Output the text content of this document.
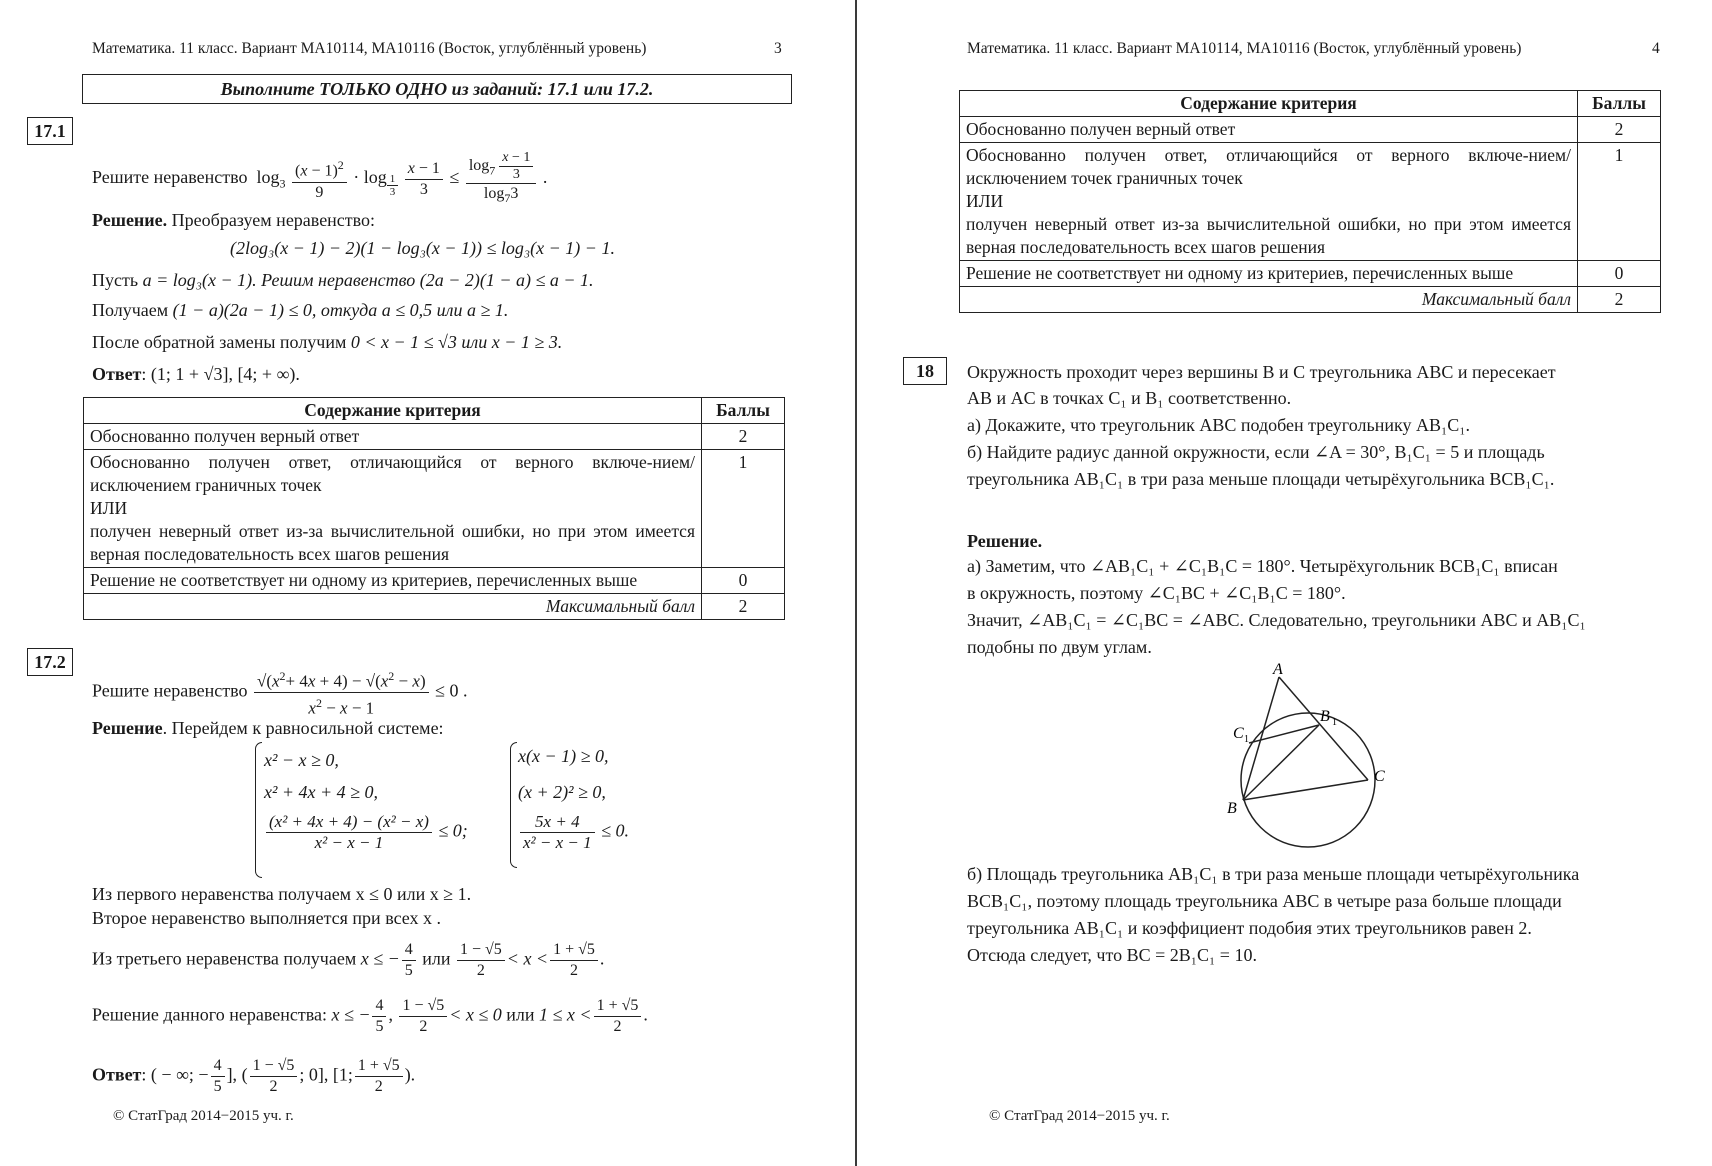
Математика. 11 класс. Вариант МА10114, МА10116 (Восток, углублённый уровень)	3
Выполните ТОЛЬКО ОДНО из заданий: 17.1 или 17.2.
17.1
Решите неравенство  $\log_3 \frac{(x - 1)^2}{9} \cdot \log _{\frac{1}{3}}$
$\frac{x - 1}{3} \le \frac{\log_7 \frac{x - 1}{3}}{\log_73}$ .
Решение. Преобразуем неравенство:
(2log₃(x − 1) − 2)(1 − log₃(x − 1)) ≤ log₃(x − 1) − 1.
Пусть a = log₃(x − 1). Решим неравенство (2a − 2)(1 − a) ≤ a − 1.
Получаем (1 − a)(2a − 1) ≤ 0, откуда a ≤ 0,5 или a ≥ 1.
После обратной замены получим 0 < x − 1 ≤ √3 или x − 1 ≥ 3.
Ответ: (1; 1 + √3], [4; + ∞).
Содержание критерия	Баллы
Обоснованно получен верный ответ	2

Обоснованно получен ответ, отличающийся от верного включе-нием/исключением граничных точек
ИЛИ
получен неверный ответ из-за вычислительной ошибки, но при этом имеется верная последовательность всех шагов решения	1
Решение не соответствует ни одному из критериев, перечисленных выше	0
Максимальный балл	2
17.2
Решите неравенство $\frac{√(x^2+ 4x + 4) - √(x^2 - x)}{x^2 - x - 1} \le 0$ .
Решение. Перейдем к равносильной системе:
x² − x ≥ 0,
x² + 4x + 4 ≥ 0,
$\frac{\text{(x² + 4x + 4) − (x² − x)}}{\text{x² − x − 1}} \le 0$;
x(x − 1) ≥ 0,
(x + 2)² ≥ 0,
$\frac{5x + 4}{\text{x² − x − 1}} \le 0$.
Из первого неравенства получаем x ≤ 0 или x ≥ 1.
Второе неравенство выполняется при всех x .
Из третьего неравенства получаем x ≤ − $\frac{4}{5}$ или $\frac{1 - √5}{2} < x < \frac{1 + √5}{2}$ .
Решение данного неравенства: x ≤ − $\frac{4}{5}$ , $\frac{1 - √5}{2} < x \le 0$ или $1 \le x < \frac{1 + √5}{2}$ .
Ответ: ( − ∞; − $\frac{4}{5}$ ], ( $\frac{1 - √5}{2}$ ; 0], [1; $\frac{1 + √5}{2}$ ).
© СтатГрад 2014−2015 уч. г.
Математика. 11 класс. Вариант МА10114, МА10116 (Восток, углублённый уровень)	4
Содержание критерия	Баллы
Обоснованно получен верный ответ	2

Обоснованно получен ответ, отличающийся от верного включе-нием/исключением точек граничных точек
ИЛИ
получен неверный ответ из-за вычислительной ошибки, но при этом имеется верная последовательность всех шагов решения	1
Решение не соответствует ни одному из критериев, перечисленных выше	0
Максимальный балл	2
18	Окружность проходит через вершины B и C треугольника ABC и пересекает
AB и AC в точках C₁ и B₁ соответственно.
а) Докажите, что треугольник ABC подобен треугольнику AB₁C₁.
б) Найдите радиус данной окружности, если ∠A = 30°, B₁C₁ = 5 и площадь
треугольника AB₁C₁ в три раза меньше площади четырёхугольника BCB₁C₁.
Решение.
а) Заметим, что ∠AB₁C₁ + ∠C₁B₁C = 180°. Четырёхугольник BCB₁C₁ вписан
в окружность, поэтому ∠C₁BC + ∠C₁B₁C = 180°.
Значит, ∠AB₁C₁ = ∠C₁BC = ∠ABC. Следовательно, треугольники ABC и AB₁C₁
подобны по двум углам.
A
B
C
B 1
C 1
б) Площадь треугольника AB₁C₁ в три раза меньше площади четырёхугольника
BCB₁C₁, поэтому площадь треугольника ABC в четыре раза больше площади
треугольника AB₁C₁ и коэффициент подобия этих треугольников равен 2.
Отсюда следует, что BC = 2B₁C₁ = 10.
© СтатГрад 2014−2015 уч. г.
